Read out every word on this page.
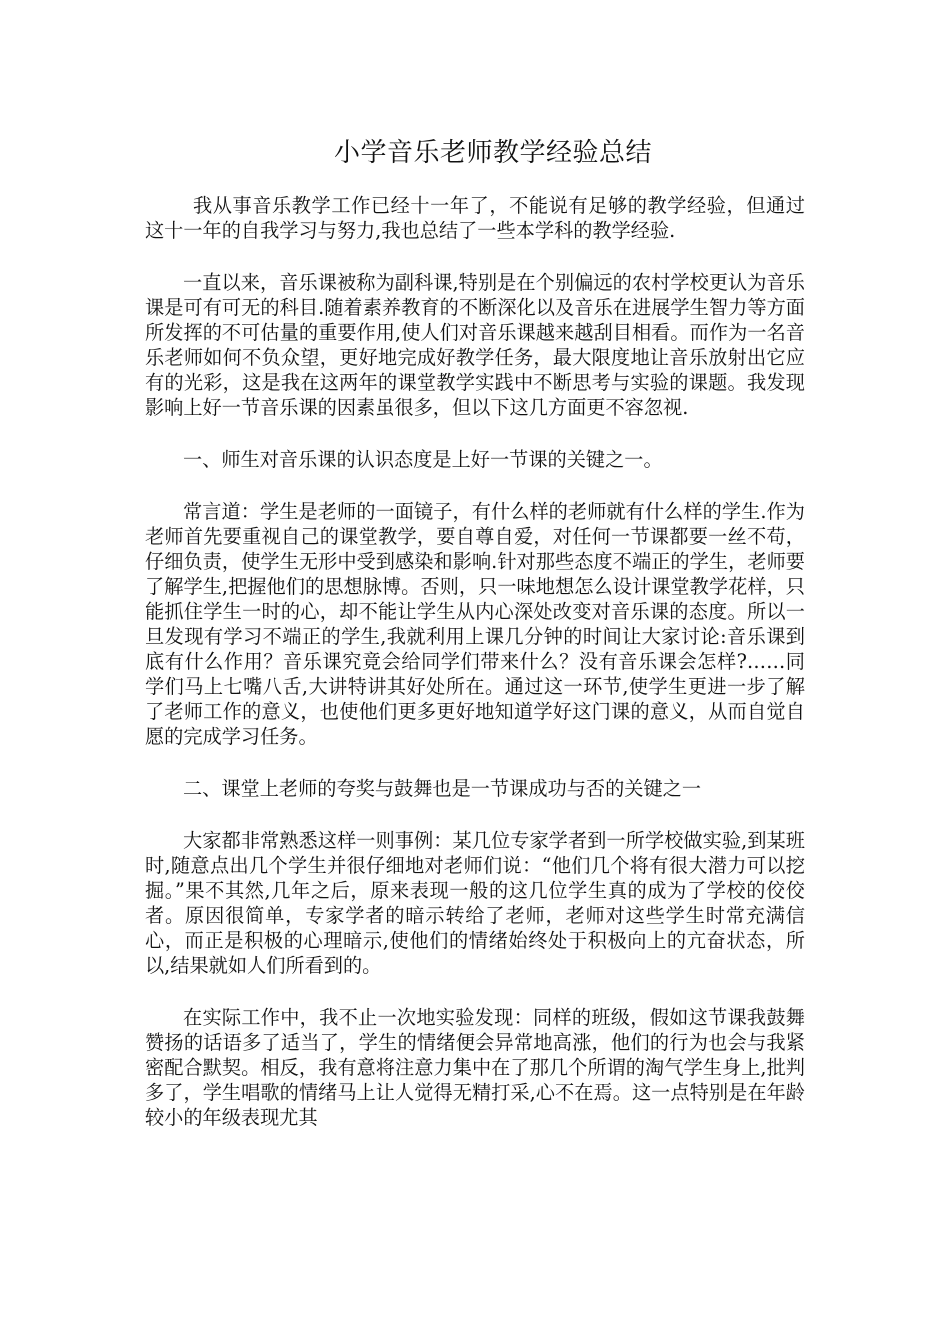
小学音乐老师教学经验总结

我从事音乐教学工作已经十一年了，不能说有足够的教学经验，但通过这十一年的自我学习与努力,我也总结了一些本学科的教学经验.

一直以来，音乐课被称为副科课,特别是在个别偏远的农村学校更认为音乐课是可有可无的科目.随着素养教育的不断深化以及音乐在进展学生智力等方面所发挥的不可估量的重要作用,使人们对音乐课越来越刮目相看。而作为一名音乐老师如何不负众望，更好地完成好教学任务，最大限度地让音乐放射出它应有的光彩，这是我在这两年的课堂教学实践中不断思考与实验的课题。我发现影响上好一节音乐课的因素虽很多，但以下这几方面更不容忽视.

一、师生对音乐课的认识态度是上好一节课的关键之一。

常言道：学生是老师的一面镜子，有什么样的老师就有什么样的学生.作为老师首先要重视自己的课堂教学，要自尊自爱，对任何一节课都要一丝不苟，仔细负责，使学生无形中受到感染和影响.针对那些态度不端正的学生，老师要了解学生,把握他们的思想脉博。否则，只一味地想怎么设计课堂教学花样，只能抓住学生一时的心，却不能让学生从内心深处改变对音乐课的态度。所以一旦发现有学习不端正的学生,我就利用上课几分钟的时间让大家讨论:音乐课到底有什么作用？音乐课究竟会给同学们带来什么？没有音乐课会怎样?……同学们马上七嘴八舌,大讲特讲其好处所在。通过这一环节,使学生更进一步了解了老师工作的意义，也使他们更多更好地知道学好这门课的意义，从而自觉自愿的完成学习任务。

二、课堂上老师的夸奖与鼓舞也是一节课成功与否的关键之一

大家都非常熟悉这样一则事例：某几位专家学者到一所学校做实验,到某班时,随意点出几个学生并很仔细地对老师们说：“他们几个将有很大潜力可以挖掘。”果不其然,几年之后，原来表现一般的这几位学生真的成为了学校的佼佼者。原因很简单，专家学者的暗示转给了老师，老师对这些学生时常充满信心，而正是积极的心理暗示,使他们的情绪始终处于积极向上的亢奋状态，所以,结果就如人们所看到的。

在实际工作中，我不止一次地实验发现：同样的班级，假如这节课我鼓舞赞扬的话语多了适当了，学生的情绪便会异常地高涨，他们的行为也会与我紧密配合默契。相反，我有意将注意力集中在了那几个所谓的淘气学生身上,批判多了，学生唱歌的情绪马上让人觉得无精打采,心不在焉。这一点特别是在年龄较小的年级表现尤其
